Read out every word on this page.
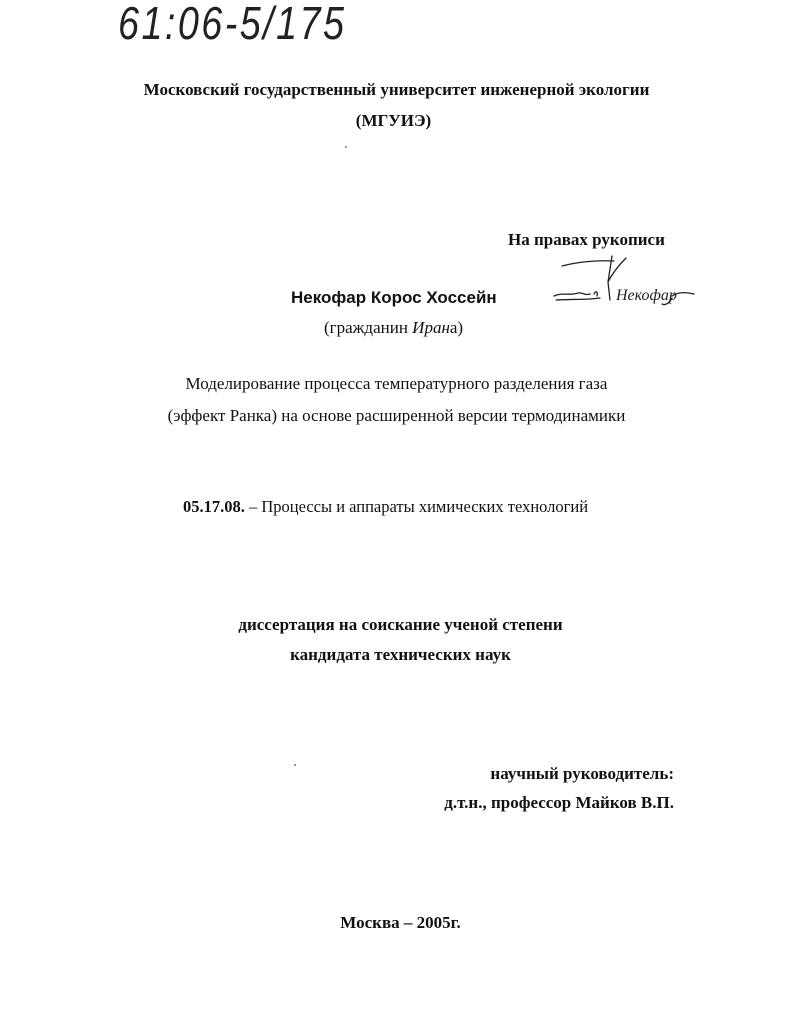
61:06-5/175
Московский государственный университет инженерной экологии
(МГУИЭ)
На правах рукописи
Некофар Корос Хоссейн
(гражданин Ирана)
Некофар
Моделирование процесса температурного разделения газа
(эффект Ранка) на основе расширенной версии термодинамики
05.17.08. – Процессы и аппараты химических технологий
диссертация на соискание ученой степени
кандидата технических наук
научный руководитель:
д.т.н., профессор Майков В.П.
Москва – 2005г.
